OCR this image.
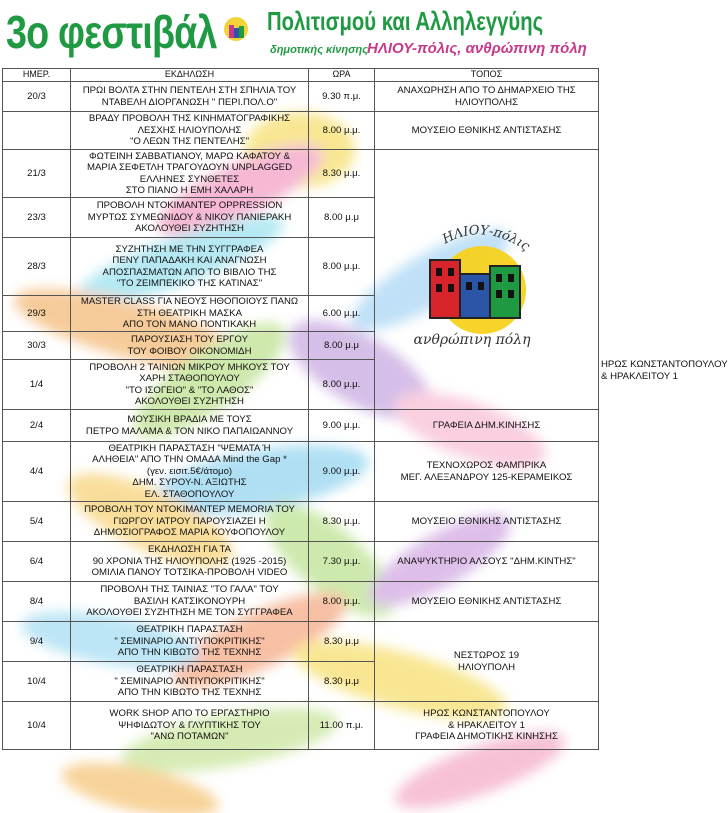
3ο φεστιβάλ Πολιτισμού και Αλληλεγγύης
δημοτικής κίνησης ΗΛΙΟΥ-πόλις, ανθρώπινη πόλη
ΗΜΕΡ.	ΕΚΔΗΛΩΣΗ	ΩΡΑ	ΤΟΠΟΣ	
20/3	ΠΡΩΙ ΒΟΛΤΑ ΣΤΗΝ ΠΕΝΤΕΛΗ ΣΤΗ ΣΠΗΛΙΑ ΤΟΥ
ΝΤΑΒΕΛΗ ΔΙΟΡΓΑΝΩΣΗ " ΠΕΡΙ.ΠΟΛ.Ο"	9.30 π.μ.	ΑΝΑΧΩΡΗΣΗ ΑΠΟ ΤΟ ΔΗΜΑΡΧΕΙΟ ΤΗΣ
ΗΛΙΟΥΠΟΛΗΣ	

	ΒΡΑΔΥ ΠΡΟΒΟΛΗ ΤΗΣ ΚΙΝΗΜΑΤΟΓΡΑΦΙΚΗΣ
ΛΕΣΧΗΣ ΗΛΙΟΥΠΟΛΗΣ
"Ο ΛΕΩΝ ΤΗΣ ΠΕΝΤΕΛΗΣ"	8.00 μ.μ.	ΜΟΥΣΕΙΟ ΕΘΝΙΚΗΣ ΑΝΤΙΣΤΑΣΗΣ	

21/3	ΦΩΤΕΙΝΗ ΣΑΒΒΑΤΙΑΝΟΥ, ΜΑΡΩ ΚΑΦΑΤΟΥ &
ΜΑΡΙΑ ΣΕΦΕΤΛΗ ΤΡΑΓΟΥΔΟΥΝ UNPLAGGED
ΕΛΛΗΝΕΣ ΣΥΝΘΕΤΕΣ
ΣΤΟ ΠΙΑΝΟ Η ΕΜΗ ΧΑΛΑΡΗ	8.30 μ.μ.		
23/3	ΠΡΟΒΟΛΗ ΝΤΟΚΙΜΑΝΤΕΡ OPPRESSION
ΜΥΡΤΩΣ ΣΥΜΕΩΝΙΔΟΥ & ΝΙΚΟΥ ΠΑΝΙΕΡΑΚΗ
ΑΚΟΛΟΥΘΕΙ ΣΥΖΗΤΗΣΗ	8.00 μ.μ		
28/3	ΣΥΖΗΤΗΣΗ ΜΕ ΤΗΝ ΣΥΓΓΡΑΦΕΑ
ΠΕΝΥ ΠΑΠΑΔΑΚΗ ΚΑΙ ΑΝΑΓΝΩΣΗ
ΑΠΟΣΠΑΣΜΑΤΩΝ ΑΠΟ ΤΟ ΒΙΒΛΙΟ ΤΗΣ
"ΤΟ ΖΕΙΜΠΕΚΙΚΟ ΤΗΣ ΚΑΤΙΝΑΣ"	8.00 μ.μ.		
29/3	MASTER CLASS ΓΙΑ ΝΕΟΥΣ ΗΘΟΠΟΙΟΥΣ ΠΑΝΩ
ΣΤΗ ΘΕΑΤΡΙΚΗ ΜΑΣΚΑ
ΑΠΟ ΤΟΝ ΜΑΝΟ ΠΟΝΤΙΚΑΚΗ	6.00 μ.μ.		
30/3	ΠΑΡΟΥΣΙΑΣΗ ΤΟΥ ΕΡΓΟΥ
ΤΟΥ ΦΟΙΒΟΥ ΟΙΚΟΝΟΜΙΔΗ	8.00 μ.μ		ΗΡΩΣ ΚΩΝΣΤΑΝΤΟΠΟΥΛΟΥ
& ΗΡΑΚΛΕΙΤΟΥ 1

1/4	ΠΡΟΒΟΛΗ 2 ΤΑΙΝΙΩΝ ΜΙΚΡΟΥ ΜΗΚΟΥΣ ΤΟΥ
ΧΑΡΗ ΣΤΑΘΟΠΟΥΛΟΥ
"ΤΟ ΙΣΟΓΕΙΟ" & "ΤΟ ΛΑΘΟΣ"
ΑΚΟΛΟΥΘΕΙ ΣΥΖΗΤΗΣΗ	8.00 μ.μ.		
2/4	ΜΟΥΣΙΚΗ ΒΡΑΔΙΑ ΜΕ ΤΟΥΣ
ΠΕΤΡΟ ΜΑΛΑΜΑ & ΤΟΝ ΝΙΚΟ ΠΑΠΑΙΩΑΝΝΟΥ	9.00 μ.μ.	ΓΡΑΦΕΙΑ ΔΗΜ.ΚΙΝΗΣΗΣ	

4/4	ΘΕΑΤΡΙΚΗ ΠΑΡΑΣΤΑΣΗ "ΨΕΜΑΤΑ Ή
ΑΛΗΘΕΙΑ" ΑΠΟ ΤΗΝ ΟΜΑΔΑ Mind the Gap *
(γεν. εισιτ.5€/άτομο)
ΔΗΜ. ΣΥΡΟΥ-Ν. ΑΞΙΩΤΗΣ
ΕΛ. ΣΤΑΘΟΠΟΥΛΟΥ	9.00 μ.μ.	ΤΕΧΝΟΧΩΡΟΣ ΦΑΜΠΡΙΚΑ
ΜΕΓ. ΑΛΕΞΑΝΔΡΟΥ 125-ΚΕΡΑΜΕΙΚΟΣ	

5/4	ΠΡΟΒΟΛΗ ΤΟΥ ΝΤΟΚΙΜΑΝΤΕΡ MEMORIA ΤΟΥ
ΓΙΩΡΓΟΥ ΙΑΤΡΟΥ ΠΑΡΟΥΣΙΑΖΕΙ Η
ΔΗΜΟΣΙΟΓΡΑΦΟΣ ΜΑΡΙΑ ΚΟΥΦΟΠΟΥΛΟΥ	8.30 μ.μ.	ΜΟΥΣΕΙΟ ΕΘΝΙΚΗΣ ΑΝΤΙΣΤΑΣΗΣ	

6/4	ΕΚΔΗΛΩΣΗ ΓΙΑ ΤΑ
90 ΧΡΟΝΙΑ ΤΗΣ ΗΛΙΟΥΠΟΛΗΣ (1925 -2015)
ΟΜΙΛΙΑ ΠΑΝΟΥ ΤΟΤΣΙΚΑ-ΠΡΟΒΟΛΗ VIDEO	7.30 μ.μ.	ΑΝΑΨΥΚΤΗΡΙΟ ΑΛΣΟΥΣ "ΔΗΜ.ΚΙΝΤΗΣ"	

8/4	ΠΡΟΒΟΛΗ ΤΗΣ ΤΑΙΝΙΑΣ "ΤΟ ΓΑΛΑ" ΤΟΥ
ΒΑΣΙΛΗ ΚΑΤΣΙΚΟΝΟΥΡΗ
ΑΚΟΛΟΥΘΕΙ ΣΥΖΗΤΗΣΗ ΜΕ ΤΟΝ ΣΥΓΓΡΑΦΕΑ	8.00 μ.μ.	ΜΟΥΣΕΙΟ ΕΘΝΙΚΗΣ ΑΝΤΙΣΤΑΣΗΣ	

9/4	ΘΕΑΤΡΙΚΗ ΠΑΡΑΣΤΑΣΗ
" ΣΕΜΙΝΑΡΙΟ ΑΝΤΙΥΠΟΚΡΙΤΙΚΗΣ"
ΑΠΟ ΤΗΝ ΚΙΒΩΤΟ ΤΗΣ ΤΕΧΝΗΣ	8.30 μ.μ	ΝΕΣΤΩΡΟΣ 19
ΗΛΙΟΥΠΟΛΗ	

10/4	ΘΕΑΤΡΙΚΗ ΠΑΡΑΣΤΑΣΗ
" ΣΕΜΙΝΑΡΙΟ ΑΝΤΙΥΠΟΚΡΙΤΙΚΗΣ"
ΑΠΟ ΤΗΝ ΚΙΒΩΤΟ ΤΗΣ ΤΕΧΝΗΣ	8.30 μ.μ		
10/4	WORK SHOP ΑΠΟ ΤΟ ΕΡΓΑΣΤΗΡΙΟ
ΨΗΦΙΔΩΤΟΥ & ΓΛΥΠΤΙΚΗΣ ΤΟΥ
"ΑΝΩ ΠΟΤΑΜΩΝ"	11.00 π.μ.	ΗΡΩΣ ΚΩΝΣΤΑΝΤΟΠΟΥΛΟΥ
& ΗΡΑΚΛΕΙΤΟΥ 1
ΓΡΑΦΕΙΑ ΔΗΜΟΤΙΚΗΣ ΚΙΝΗΣΗΣ	
ΗΛΙΟΥ-πόλις
ανθρώπινη πόλη
